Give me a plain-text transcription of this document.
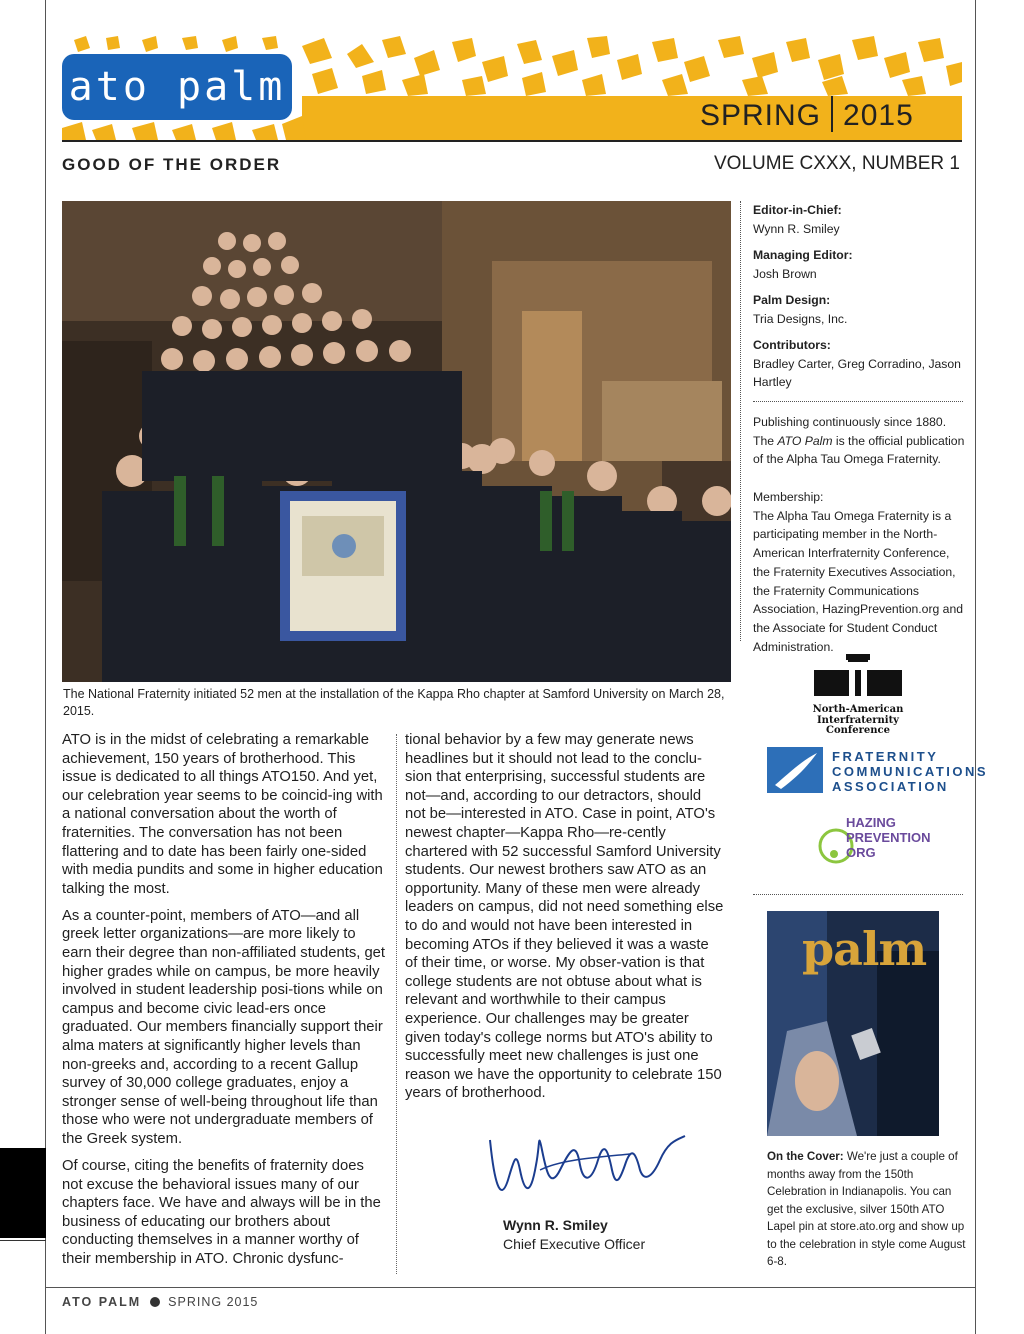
ato palm
SPRING 2015
GOOD OF THE ORDER	VOLUME CXXX, NUMBER 1
The National Fraternity initiated 52 men at the installation of the Kappa Rho chapter at Samford University on March 28, 2015.

ATO is in the midst of celebrating a remarkable achievement, 150 years of brotherhood. This issue is dedicated to all things ATO150. And yet, our celebration year seems to be coincid-ing with a national conversation about the worth of fraternities. The conversation has not been flattering and to date has been fairly one-sided with media pundits and some in higher education talking the most.

As a counter-point, members of ATO—and all greek letter organizations—are more likely to earn their degree than non-affiliated students, get higher grades while on campus, be more heavily involved in student leadership posi-tions while on campus and become civic lead-ers once graduated. Our members financially support their alma maters at significantly higher levels than non-greeks and, according to a recent Gallup survey of 30,000 college graduates, enjoy a stronger sense of well-being throughout life than those who were not undergraduate members of the Greek system.

Of course, citing the benefits of fraternity does not excuse the behavioral issues many of our chapters face. We have and always will be in the business of educating our brothers about conducting themselves in a manner worthy of their membership in ATO. Chronic dysfunc-

tional behavior by a few may generate news headlines but it should not lead to the conclu-sion that enterprising, successful students are not—and, according to our detractors, should not be—interested in ATO. Case in point, ATO's newest chapter—Kappa Rho—re-cently chartered with 52 successful Samford University students. Our newest brothers saw ATO as an opportunity. Many of these men were already leaders on campus, did not need something else to do and would not have been interested in becoming ATOs if they believed it was a waste of their time, or worse. My obser-vation is that college students are not obtuse about what is relevant and worthwhile to their campus experience. Our challenges may be greater given today's college norms but ATO's ability to successfully meet new challenges is just one reason we have the opportunity to celebrate 150 years of brotherhood.

Wynn R. Smiley
Chief Executive Officer
Editor-in-Chief:
Wynn R. Smiley
Managing Editor:
Josh Brown
Palm Design:
Tria Designs, Inc.
Contributors:
Bradley Carter, Greg Corradino, Jason Hartley
Publishing continuously since 1880.
The ATO Palm is the official publication of the Alpha Tau Omega Fraternity.
Membership:
The Alpha Tau Omega Fraternity is a participating member in the North-American Interfraternity Conference, the Fraternity Executives Association, the Fraternity Communications Association, HazingPrevention.org and the Associate for Student Conduct Administration.
North-American
Interfraternity
Conference
FRATERNITY
COMMUNICATIONS
ASSOCIATION
HAZING
PREVENTION
ORG
palm
On the Cover: We're just a couple of months away from the 150th Celebration in Indianapolis. You can get the exclusive, silver 150th ATO Lapel pin at store.ato.org and show up to the celebration in style come August 6-8.
ATO PALM SPRING 2015
